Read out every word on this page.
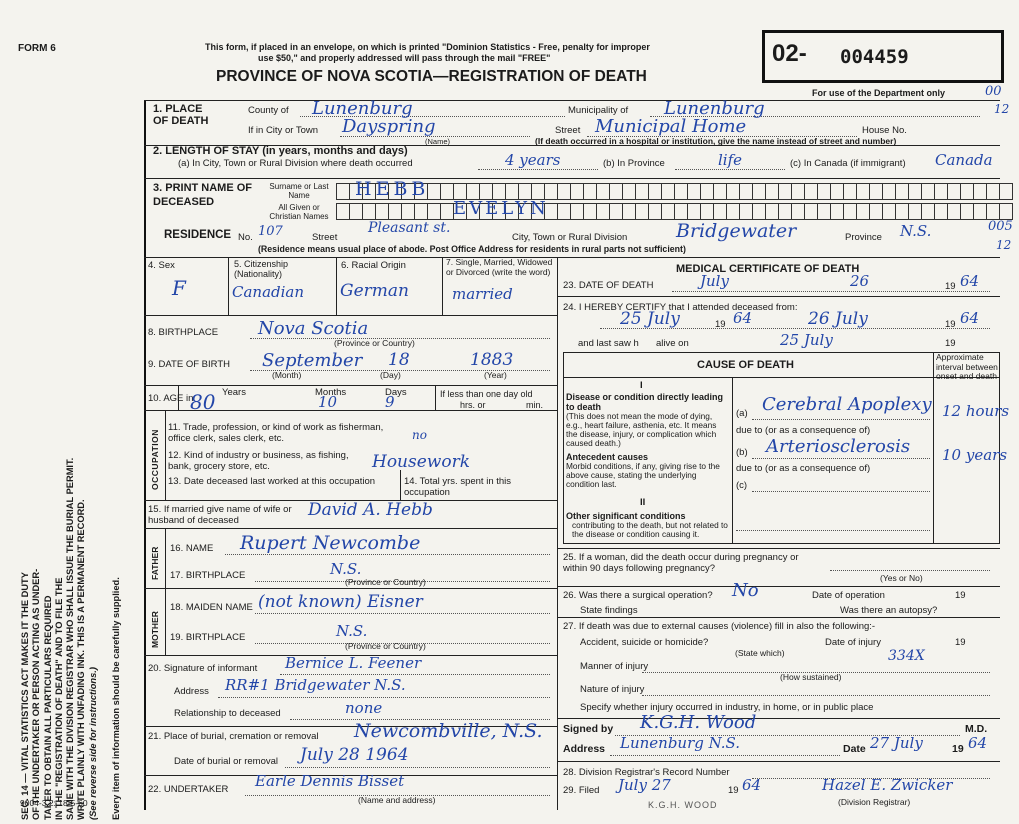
SEC. 14 — VITAL STATISTICS ACT MAKES IT THE DUTY OF THE UNDERTAKER OR PERSON ACTING AS UNDER- TAKER TO OBTAIN ALL PARTICULARS REQUIRED IN THE "REGISTRATION OF DEATH" AND TO FILE THE SAME WITH THE DIVISION REGISTRAR WHO SHALL ISSUE THE BURIAL PERMIT. WRITE PLAINLY WITH UNFADING INK. THIS IS A PERMANENT RECORD. (See reverse side for instructions.) Every item of information should be carefully supplied.
FORM 6	This form, if placed in an envelope, on which is printed "Dominion Statistics - Free, penalty for improper
use $50," and properly addressed will pass through the mail "FREE"
PROVINCE OF NOVA SCOTIA—REGISTRATION OF DEATH
02- 004459
For use of the Department only	00
12
005
12
1. PLACE OF DEATH
County of Lunenburg	Municipality of Lunenburg
If in City or Town Dayspring
(Name)
Street Municipal Home	House No.
(If death occurred in a hospital or institution, give the name instead of street and number)
2. LENGTH OF STAY (in years, months and days)
(a) In City, Town or Rural Division where death occurred	4 years	(b) In Province	life	(c) In Canada (if immigrant) Canada
3. PRINT NAME OF DECEASED
Surname or Last Name
All Given or Christian Names
HEBB
EVELYN
RESIDENCE No. 107	Street
Pleasant st.
City, Town or Rural Division	Bridgewater	Province N.S.
(Residence means usual place of abode. Post Office Address for residents in rural parts not sufficient)
4. Sex
F
5. Citizenship (Nationality)
Canadian
6. Racial Origin
German
7. Single, Married, Widowed or Divorced (write the word)
married
8. BIRTHPLACE Nova Scotia
(Province or Country)
9. DATE OF BIRTH September 18	1883
(Month)	(Day)	(Year)
10. AGE in
Years	Months	Days
80	10	9	If less than one day old
hrs. or	min.
OCCUPATION
11. Trade, profession, or kind of work as fisherman, office clerk, sales clerk, etc.	no
12. Kind of industry or business, as fishing, bank, grocery store, etc.	Housework
13. Date deceased last worked at this occupation	14. Total yrs. spent in this occupation
15. If married give name of wife or husband of deceased
David A. Hebb
FATHER 16. NAME Rupert Newcombe
17. BIRTHPLACE	N.S.
(Province or Country)
MOTHER
18. MAIDEN NAME (not known) Eisner
19. BIRTHPLACE	N.S.
(Province or Country)
20. Signature of informant Bernice L. Feener
Address RR#1 Bridgewater N.S.
Relationship to deceased	none
21. Place of burial, cremation or removal	Newcombville, N.S.
Date of burial or removal July 28 1964
22. UNDERTAKER Earle Dennis Bisset
(Name and address)
MEDICAL CERTIFICATE OF DEATH
23. DATE OF DEATH	July	26	19 64
24. I HEREBY CERTIFY that I attended deceased from:
25 July	19 64	26 July	19 64
and last saw h alive on	25 July	19
CAUSE OF DEATH
Approximate interval between onset and death
I
Disease or condition directly leading to death
(This does not mean the mode of dying, e.g., heart failure, asthenia, etc. It means the disease, injury, or complication which caused death.)
(a) Cerebral Apoplexy 12 hours
due to (or as a consequence of)
Antecedent causes
Morbid conditions, if any, giving rise to the above cause, stating the underlying condition last.
(b) Arteriosclerosis 10 years
due to (or as a consequence of)
(c)
II
Other significant conditions
contributing to the death, but not related to the disease or condition causing it.
25. If a woman, did the death occur during pregnancy or within 90 days following pregnancy?
(Yes or No)
26. Was there a surgical operation? No	Date of operation	19
State findings	Was there an autopsy?
27. If death was due to external causes (violence) fill in also the following:-
Accident, suicide or homicide?	Date of injury	19
(State which)
Manner of injury
334X
(How sustained)
Nature of injury
Specify whether injury occurred in industry, in home, or in public place
Signed by K.G.H. Wood	M.D.
Address Lunenburg N.S.	Date 27 July	19 64
28. Division Registrar's Record Number
29. Filed July 27	19 64	Hazel E. Zwicker
(Division Registrar)
K.G.H. WOOD
9004-3.2: 18-5-60
